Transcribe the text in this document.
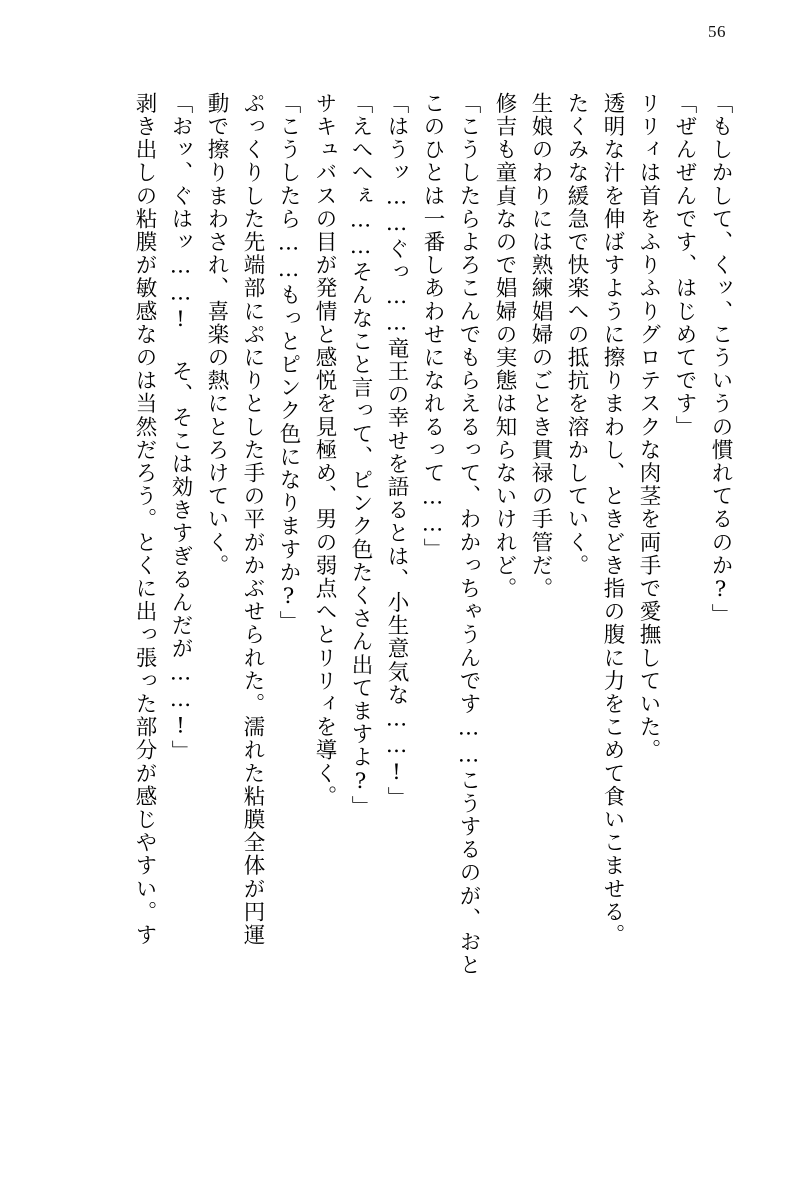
56
「もしかして、くッ、こういうの慣れてるのか?」
「ぜんぜんです、はじめてです」
リリィは首をふりふりグロテスクな肉茎を両手で愛撫していた。
透明な汁を伸ばすように擦りまわし、ときどき指の腹に力をこめて食いこませる。
たくみな緩急で快楽への抵抗を溶かしていく。
生娘のわりには熟練娼婦のごとき貫禄の手管だ。
修吉も童貞なので娼婦の実態は知らないけれど。
「こうしたらよろこんでもらえるって、わかっちゃうんです……こうするのが、おと
このひとは一番しあわせになれるって……」
「はうッ……ぐっ……竜王の幸せを語るとは、小生意気な……!」
「えへへぇ……そんなこと言って、ピンク色たくさん出てますよ?」
サキュバスの目が発情と感悦を見極め、男の弱点へとリリィを導く。
「こうしたら……もっとピンク色になりますか?」
ぷっくりした先端部にぷにりとした手の平がかぶせられた。濡れた粘膜全体が円運
動で擦りまわされ、喜楽の熱にとろけていく。
「おッ、ぐはッ……! そ、そこは効きすぎるんだが……!」
剥き出しの粘膜が敏感なのは当然だろう。とくに出っ張った部分が感じやすい。す
